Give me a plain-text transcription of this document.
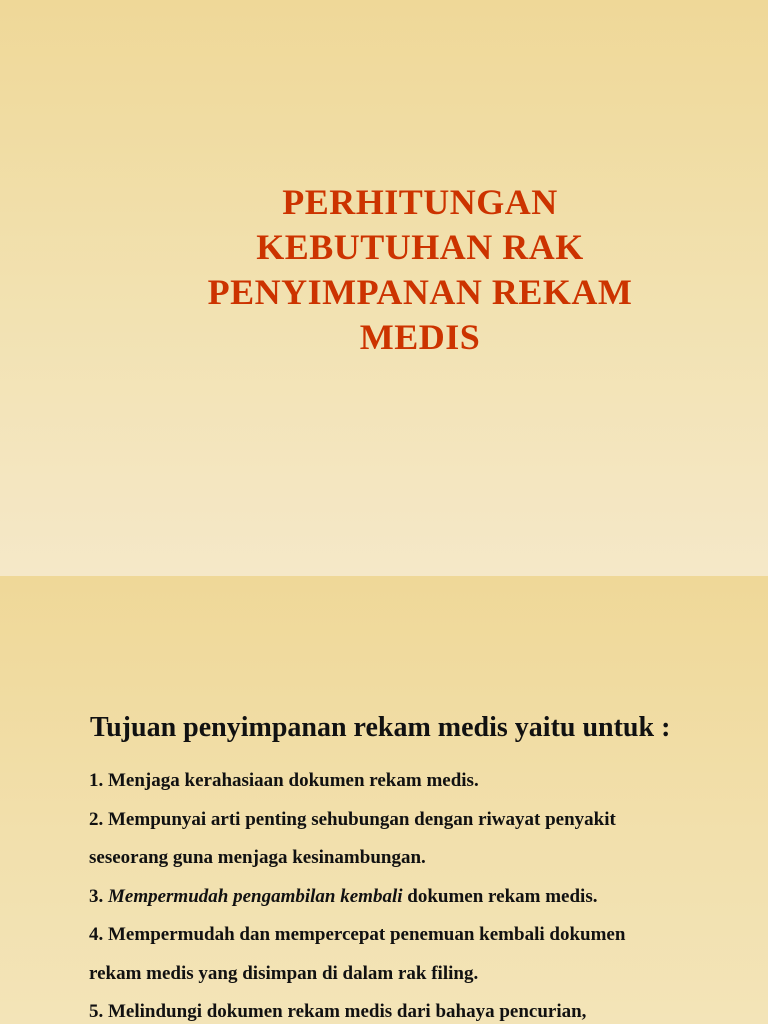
PERHITUNGAN
KEBUTUHAN RAK
PENYIMPANAN REKAM
MEDIS
Tujuan penyimpanan rekam medis yaitu untuk :
1. Menjaga kerahasiaan dokumen rekam medis.
2. Mempunyai arti penting sehubungan dengan riwayat penyakit
seseorang guna menjaga kesinambungan.
3. Mempermudah pengambilan kembali dokumen rekam medis.
4. Mempermudah dan mempercepat penemuan kembali dokumen
rekam medis yang disimpan di dalam rak filing.
5. Melindungi dokumen rekam medis dari bahaya pencurian,
